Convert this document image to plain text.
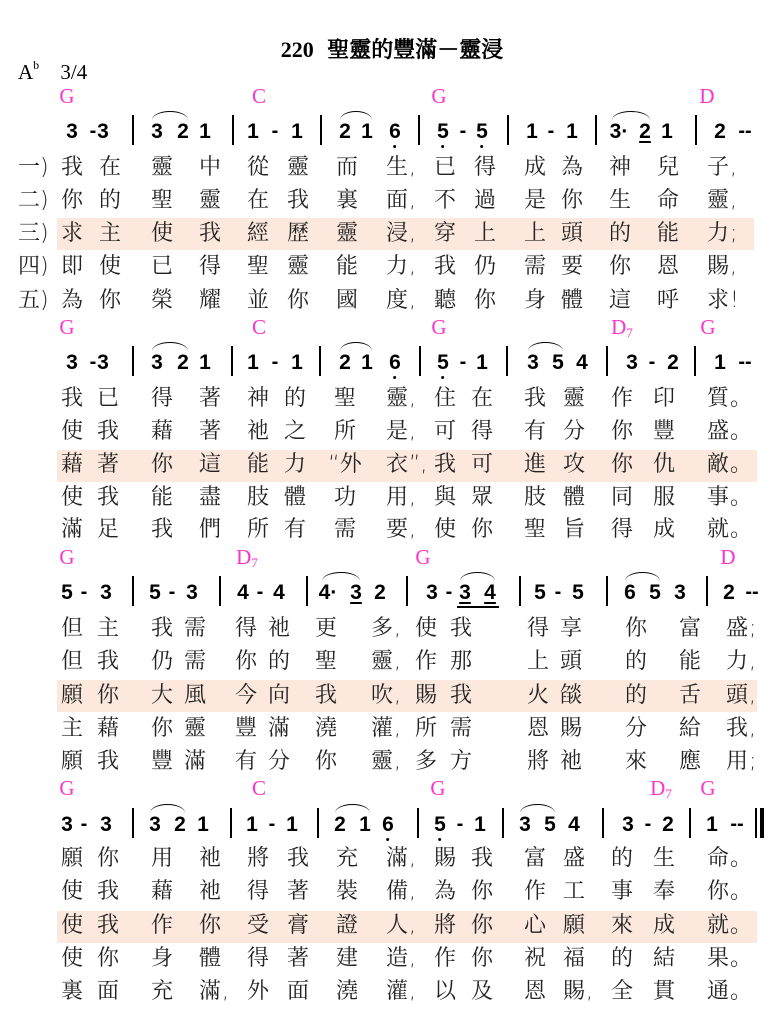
220 聖靈的豐滿－靈浸
$A^b$ 3/4
G	C	G	D
3 - 3 3 2 1 1 - 1 2 1 6 5 - 5 1 - 1 3· 2 1 2 --
一) 我 在 靈 中 從 靈 而 生 , 已 得 成 為 神 兒 子 ,
二) 你 的 聖 靈 在 我 裏 面 , 不 過 是 你 生 命 靈 ,
三) 求 主 使 我 經 歷 靈 浸 , 穿 上 上 頭 的 能 力 ;
四) 即 使 已 得 聖 靈 能 力 , 我 仍 需 要 你 恩 賜 ,
五) 為 你 榮 耀 並 你 國 度 , 聽 你 身 體 這 呼 求 !
G	C	G	$D_7$	G
3 - 3 3 2 1 1 - 1 2 1 6 5 - 1 3 5 4 3 - 2 1 --
我 已 得 著 神 的 聖 靈 , 住 在 我 靈 作 印 質 。
使 我 藉 著 祂 之 所 是 , 可 得 有 分 你 豐 盛 。
藉 著 你 這 能 力 “外 衣 ”, 我 可 進 攻 你 仇 敵 。
使 我 能 盡 肢 體 功 用 , 與 眾 肢 體 同 服 事 。
滿 足 我 們 所 有 需 要 , 使 你 聖 旨 得 成 就 。
G	$D_7$	G	D
5 - 3 5 - 3 4 - 4 4· 3 2 3 - 3 4 5 - 5 6 5 3 2 --
但 主 我 需 得 祂 更 多 , 使 我 得 享 你 富 盛 ;
但 我 仍 需 你 的 聖 靈 , 作 那 上 頭 的 能 力 ,
願 你 大 風 今 向 我 吹 , 賜 我 火 燄 的 舌 頭 ,
主 藉 你 靈 豐 滿 澆 灌 , 所 需 恩 賜 分 給 我 ,
願 我 豐 滿 有 分 你 靈 , 多 方 將 祂 來 應 用 ;
G	C	G	$D_7$ G
3 - 3 3 2 1 1 - 1 2 1 6 5 - 1 3 5 4 3 - 2 1 --
願 你 用 祂 將 我 充 滿 , 賜 我 富 盛 的 生 命 。
使 我 藉 祂 得 著 裝 備 , 為 你 作 工 事 奉 你 。
使 我 作 你 受 膏 證 人 , 將 你 心 願 來 成 就 。
使 你 身 體 得 著 建 造 , 作 你 祝 福 的 結 果 。
裏 面 充 滿 , 外 面 澆 灌 , 以 及 恩 賜 , 全 貫 通 。
